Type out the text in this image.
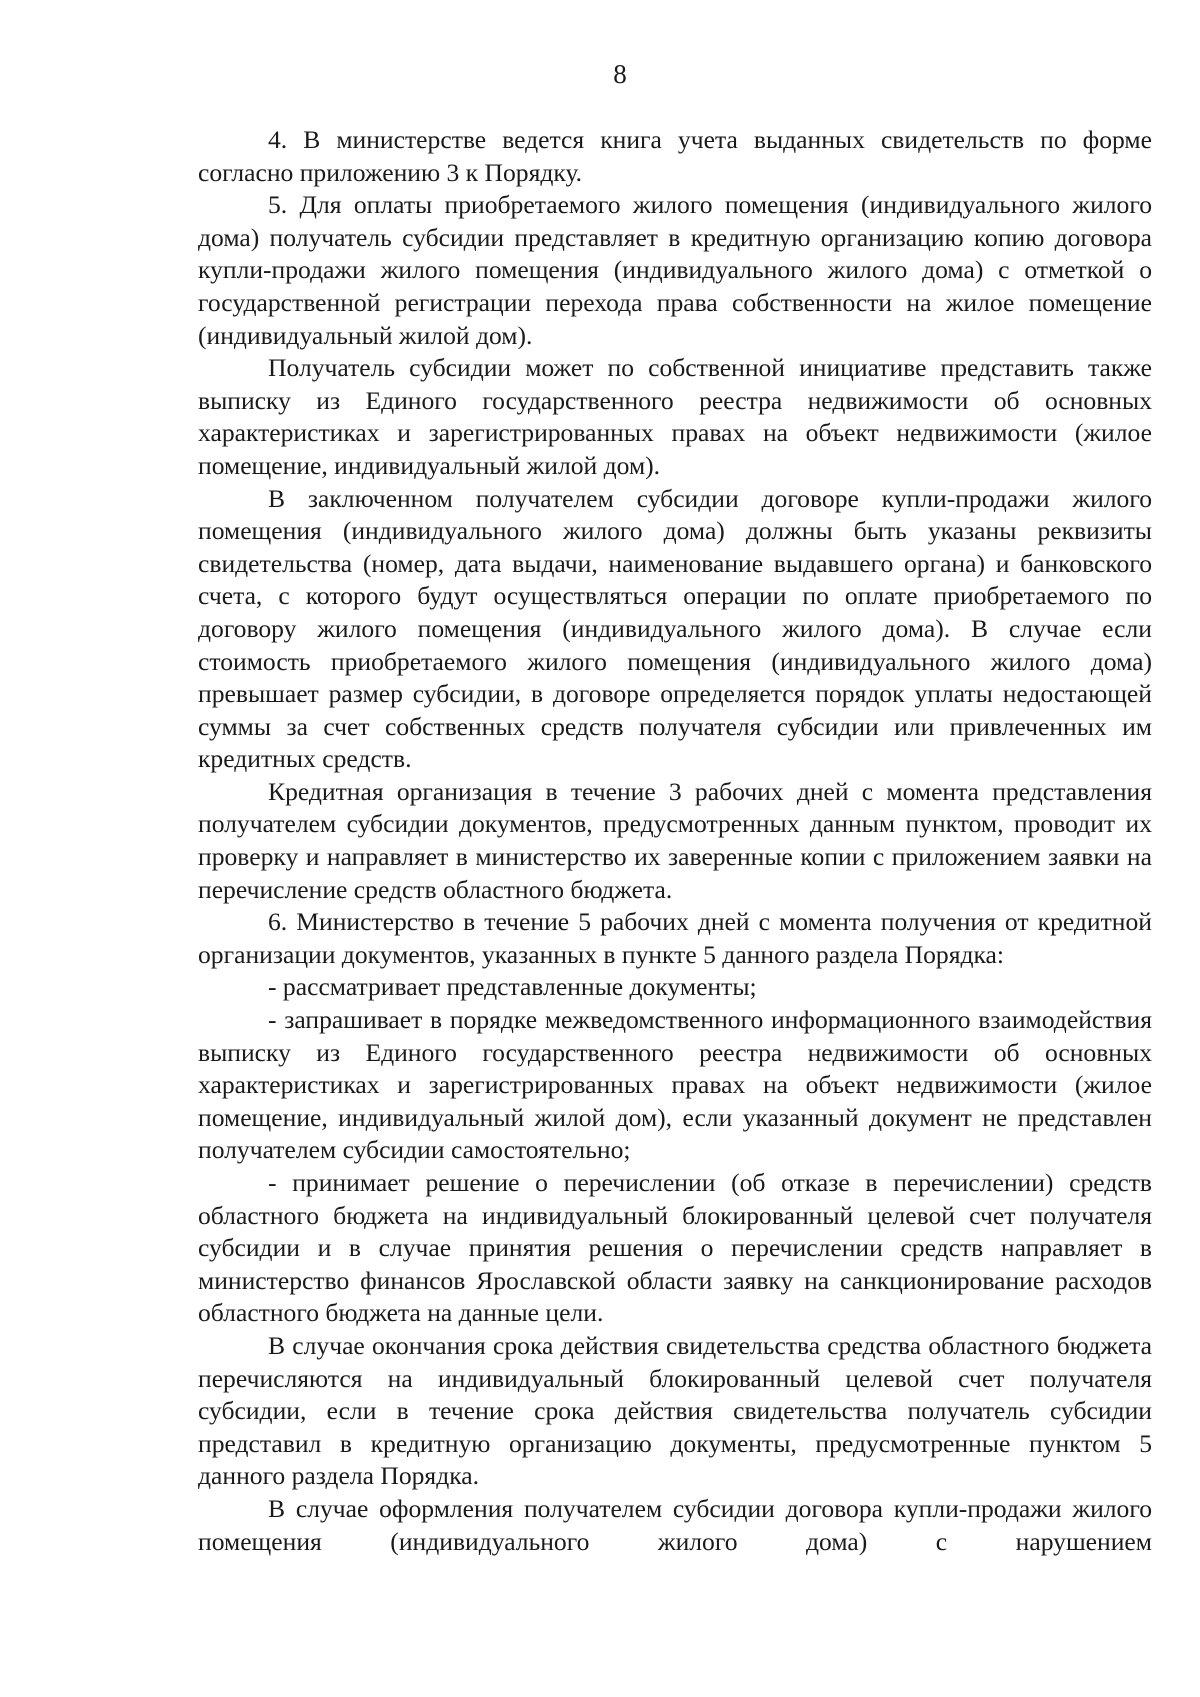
8

4. В министерстве ведется книга учета выданных свидетельств по форме согласно приложению 3 к Порядку.

5. Для оплаты приобретаемого жилого помещения (индивидуального жилого дома) получатель субсидии представляет в кредитную организацию копию договора купли-продажи жилого помещения (индивидуального жилого дома) с отметкой о государственной регистрации перехода права собственности на жилое помещение (индивидуальный жилой дом).

Получатель субсидии может по собственной инициативе представить также выписку из Единого государственного реестра недвижимости об основных характеристиках и зарегистрированных правах на объект недвижимости (жилое помещение, индивидуальный жилой дом).

В заключенном получателем субсидии договоре купли-продажи жилого помещения (индивидуального жилого дома) должны быть указаны реквизиты свидетельства (номер, дата выдачи, наименование выдавшего органа) и банковского счета, с которого будут осуществляться операции по оплате приобретаемого по договору жилого помещения (индивидуального жилого дома). В случае если стоимость приобретаемого жилого помещения (индивидуального жилого дома) превышает размер субсидии, в договоре определяется порядок уплаты недостающей суммы за счет собственных средств получателя субсидии или привлеченных им кредитных средств.

Кредитная организация в течение 3 рабочих дней с момента представления получателем субсидии документов, предусмотренных данным пунктом, проводит их проверку и направляет в министерство их заверенные копии с приложением заявки на перечисление средств областного бюджета.

6. Министерство в течение 5 рабочих дней с момента получения от кредитной организации документов, указанных в пункте 5 данного раздела Порядка:

- рассматривает представленные документы;

- запрашивает в порядке межведомственного информационного взаимодействия выписку из Единого государственного реестра недвижимости об основных характеристиках и зарегистрированных правах на объект недвижимости (жилое помещение, индивидуальный жилой дом), если указанный документ не представлен получателем субсидии самостоятельно;

- принимает решение о перечислении (об отказе в перечислении) средств областного бюджета на индивидуальный блокированный целевой счет получателя субсидии и в случае принятия решения о перечислении средств направляет в министерство финансов Ярославской области заявку на санкционирование расходов областного бюджета на данные цели.

В случае окончания срока действия свидетельства средства областного бюджета перечисляются на индивидуальный блокированный целевой счет получателя субсидии, если в течение срока действия свидетельства получатель субсидии представил в кредитную организацию документы, предусмотренные пунктом 5 данного раздела Порядка.

В случае оформления получателем субсидии договора купли-продажи жилого помещения (индивидуального жилого дома) с нарушением
